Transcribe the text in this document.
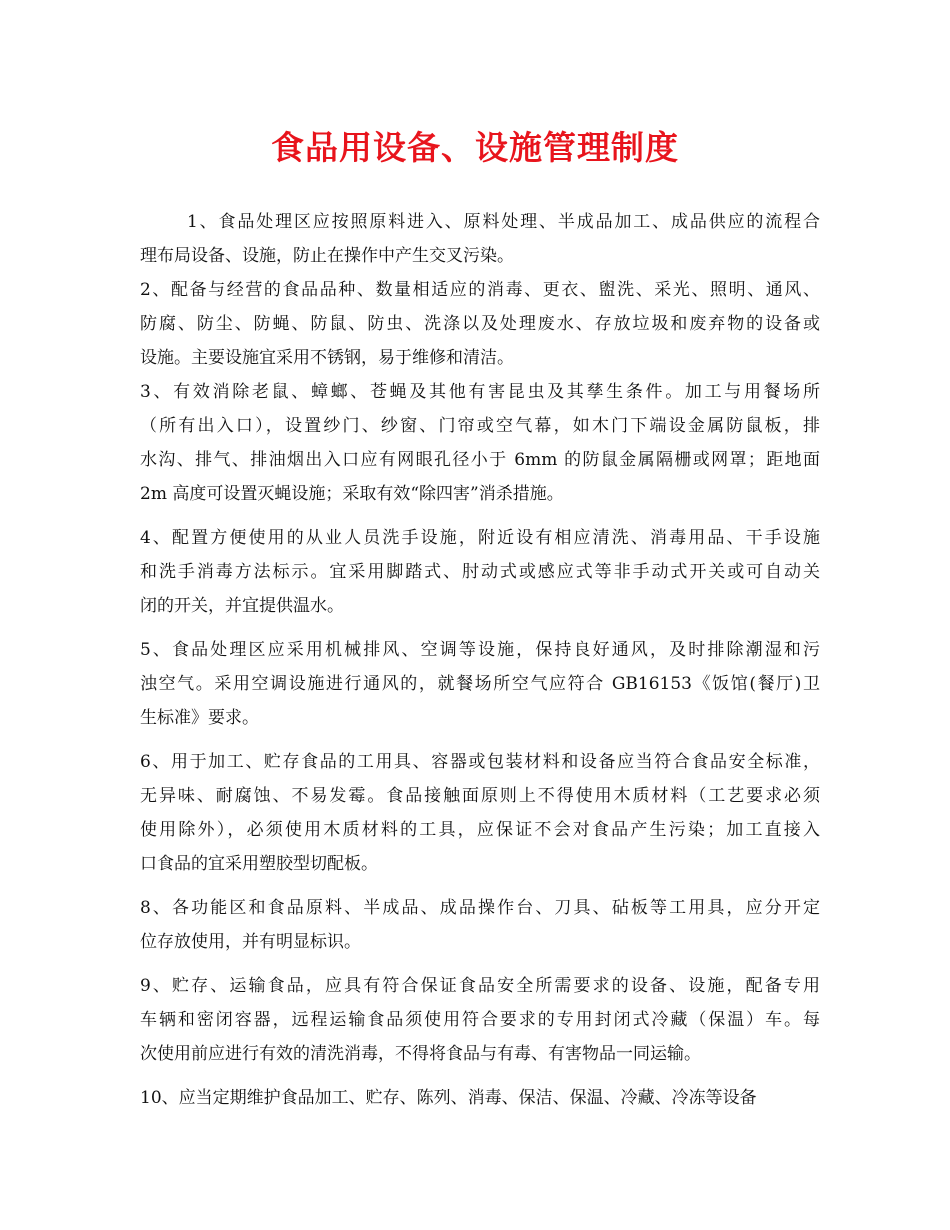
食品用设备、设施管理制度
1、食品处理区应按照原料进入、原料处理、半成品加工、成品供应的流程合
理布局设备、设施，防止在操作中产生交叉污染。
2、配备与经营的食品品种、数量相适应的消毒、更衣、盥洗、采光、照明、通风、
防腐、防尘、防蝇、防鼠、防虫、洗涤以及处理废水、存放垃圾和废弃物的设备或
设施。主要设施宜采用不锈钢，易于维修和清洁。
3、有效消除老鼠、蟑螂、苍蝇及其他有害昆虫及其孳生条件。加工与用餐场所
（所有出入口），设置纱门、纱窗、门帘或空气幕，如木门下端设金属防鼠板，排
水沟、排气、排油烟出入口应有网眼孔径小于 6mm 的防鼠金属隔栅或网罩；距地面
2m 高度可设置灭蝇设施；采取有效“除四害”消杀措施。
4、配置方便使用的从业人员洗手设施，附近设有相应清洗、消毒用品、干手设施
和洗手消毒方法标示。宜采用脚踏式、肘动式或感应式等非手动式开关或可自动关
闭的开关，并宜提供温水。
5、食品处理区应采用机械排风、空调等设施，保持良好通风，及时排除潮湿和污
浊空气。采用空调设施进行通风的，就餐场所空气应符合 GB16153《饭馆(餐厅)卫
生标准》要求。
6、用于加工、贮存食品的工用具、容器或包装材料和设备应当符合食品安全标准，
无异味、耐腐蚀、不易发霉。食品接触面原则上不得使用木质材料（工艺要求必须
使用除外），必须使用木质材料的工具，应保证不会对食品产生污染；加工直接入
口食品的宜采用塑胶型切配板。
8、各功能区和食品原料、半成品、成品操作台、刀具、砧板等工用具，应分开定
位存放使用，并有明显标识。
9、贮存、运输食品，应具有符合保证食品安全所需要求的设备、设施，配备专用
车辆和密闭容器，远程运输食品须使用符合要求的专用封闭式冷藏（保温）车。每
次使用前应进行有效的清洗消毒，不得将食品与有毒、有害物品一同运输。
10、应当定期维护食品加工、贮存、陈列、消毒、保洁、保温、冷藏、冷冻等设备
